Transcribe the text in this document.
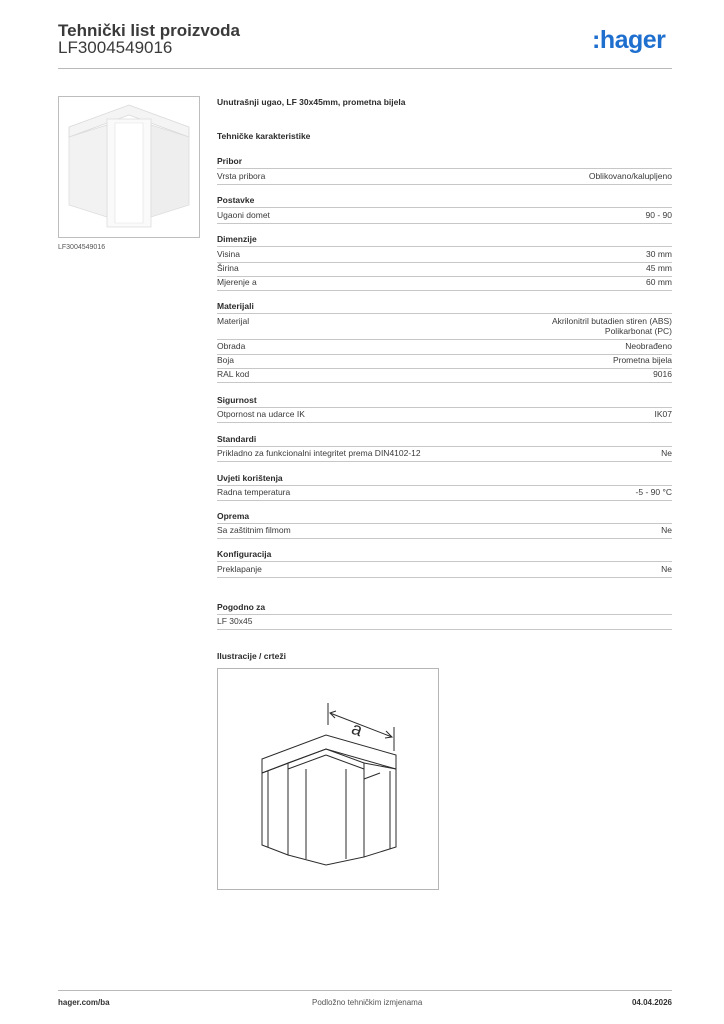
Tehnički list proizvoda
LF3004549016	:hager
LF3004549016
Unutrašnji ugao, LF 30x45mm, prometna bijela
Tehničke karakteristike
Pribor
Vrsta pribora	Oblikovano/kalupljeno
Postavke
Ugaoni domet	90 - 90
Dimenzije
Visina	30 mm
Širina	45 mm
Mjerenje a	60 mm
Materijali
Materijal	Akrilonitril butadien stiren (ABS)
Polikarbonat (PC)
Obrada	Neobrađeno
Boja	Prometna bijela
RAL kod	9016
Sigurnost
Otpornost na udarce IK	IK07
Standardi
Prikladno za funkcionalni integritet prema DIN4102-12	Ne
Uvjeti korištenja
Radna temperatura	-5 - 90 °C
Oprema
Sa zaštitnim filmom	Ne
Konfiguracija
Preklapanje	Ne
Pogodno za
LF 30x45
Ilustracije / crteži
a
hager.com/ba	Podložno tehničkim izmjenama	04.04.2026
